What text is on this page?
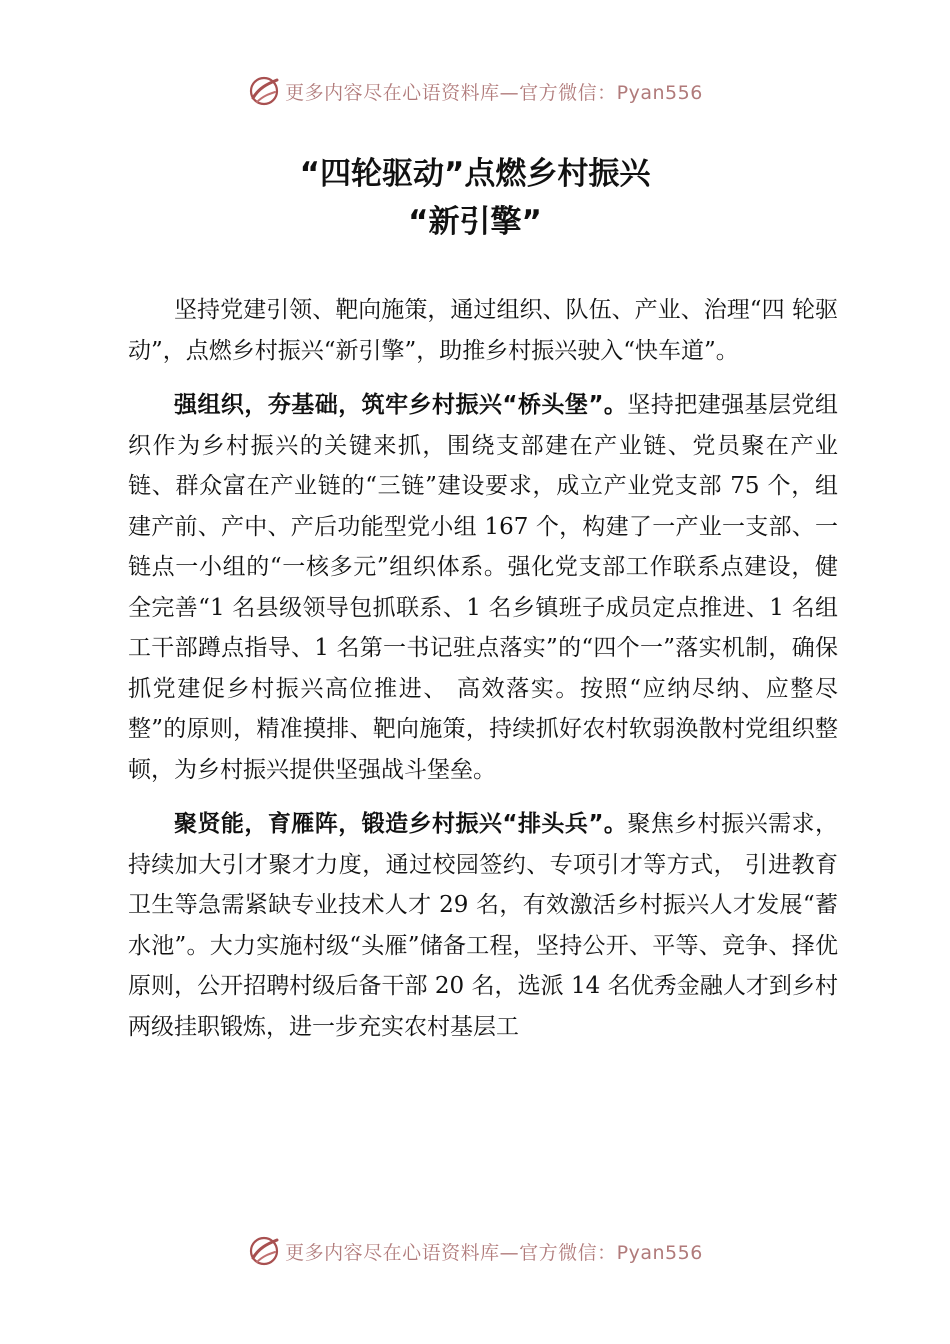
更多内容尽在心语资料库—官方微信：Pyan556
“四轮驱动”点燃乡村振兴
“新引擎”

坚持党建引领、靶向施策，通过组织、队伍、产业、治理“四 轮驱动”，点燃乡村振兴“新引擎”，助推乡村振兴驶入“快车道”。

强组织，夯基础，筑牢乡村振兴“桥头堡”。坚持把建强基层党组织作为乡村振兴的关键来抓，围绕支部建在产业链、党员聚在产业链、群众富在产业链的“三链”建设要求，成立产业党支部 75 个，组建产前、产中、产后功能型党小组 167 个，构建了一产业一支部、一链点一小组的“一核多元”组织体系。强化党支部工作联系点建设，健全完善“1 名县级领导包抓联系、1 名乡镇班子成员定点推进、1 名组工干部蹲点指导、1 名第一书记驻点落实”的“四个一”落实机制，确保抓党建促乡村振兴高位推进、 高效落实。按照“应纳尽纳、应整尽整”的原则，精准摸排、靶向施策，持续抓好农村软弱涣散村党组织整顿，为乡村振兴提供坚强战斗堡垒。

聚贤能，育雁阵，锻造乡村振兴“排头兵”。聚焦乡村振兴需求，持续加大引才聚才力度，通过校园签约、专项引才等方式， 引进教育卫生等急需紧缺专业技术人才 29 名，有效激活乡村振兴人才发展“蓄水池”。大力实施村级“头雁”储备工程，坚持公开、平等、竞争、择优原则，公开招聘村级后备干部 20 名，选派 14 名优秀金融人才到乡村两级挂职锻炼，进一步充实农村基层工

更多内容尽在心语资料库—官方微信：Pyan556
